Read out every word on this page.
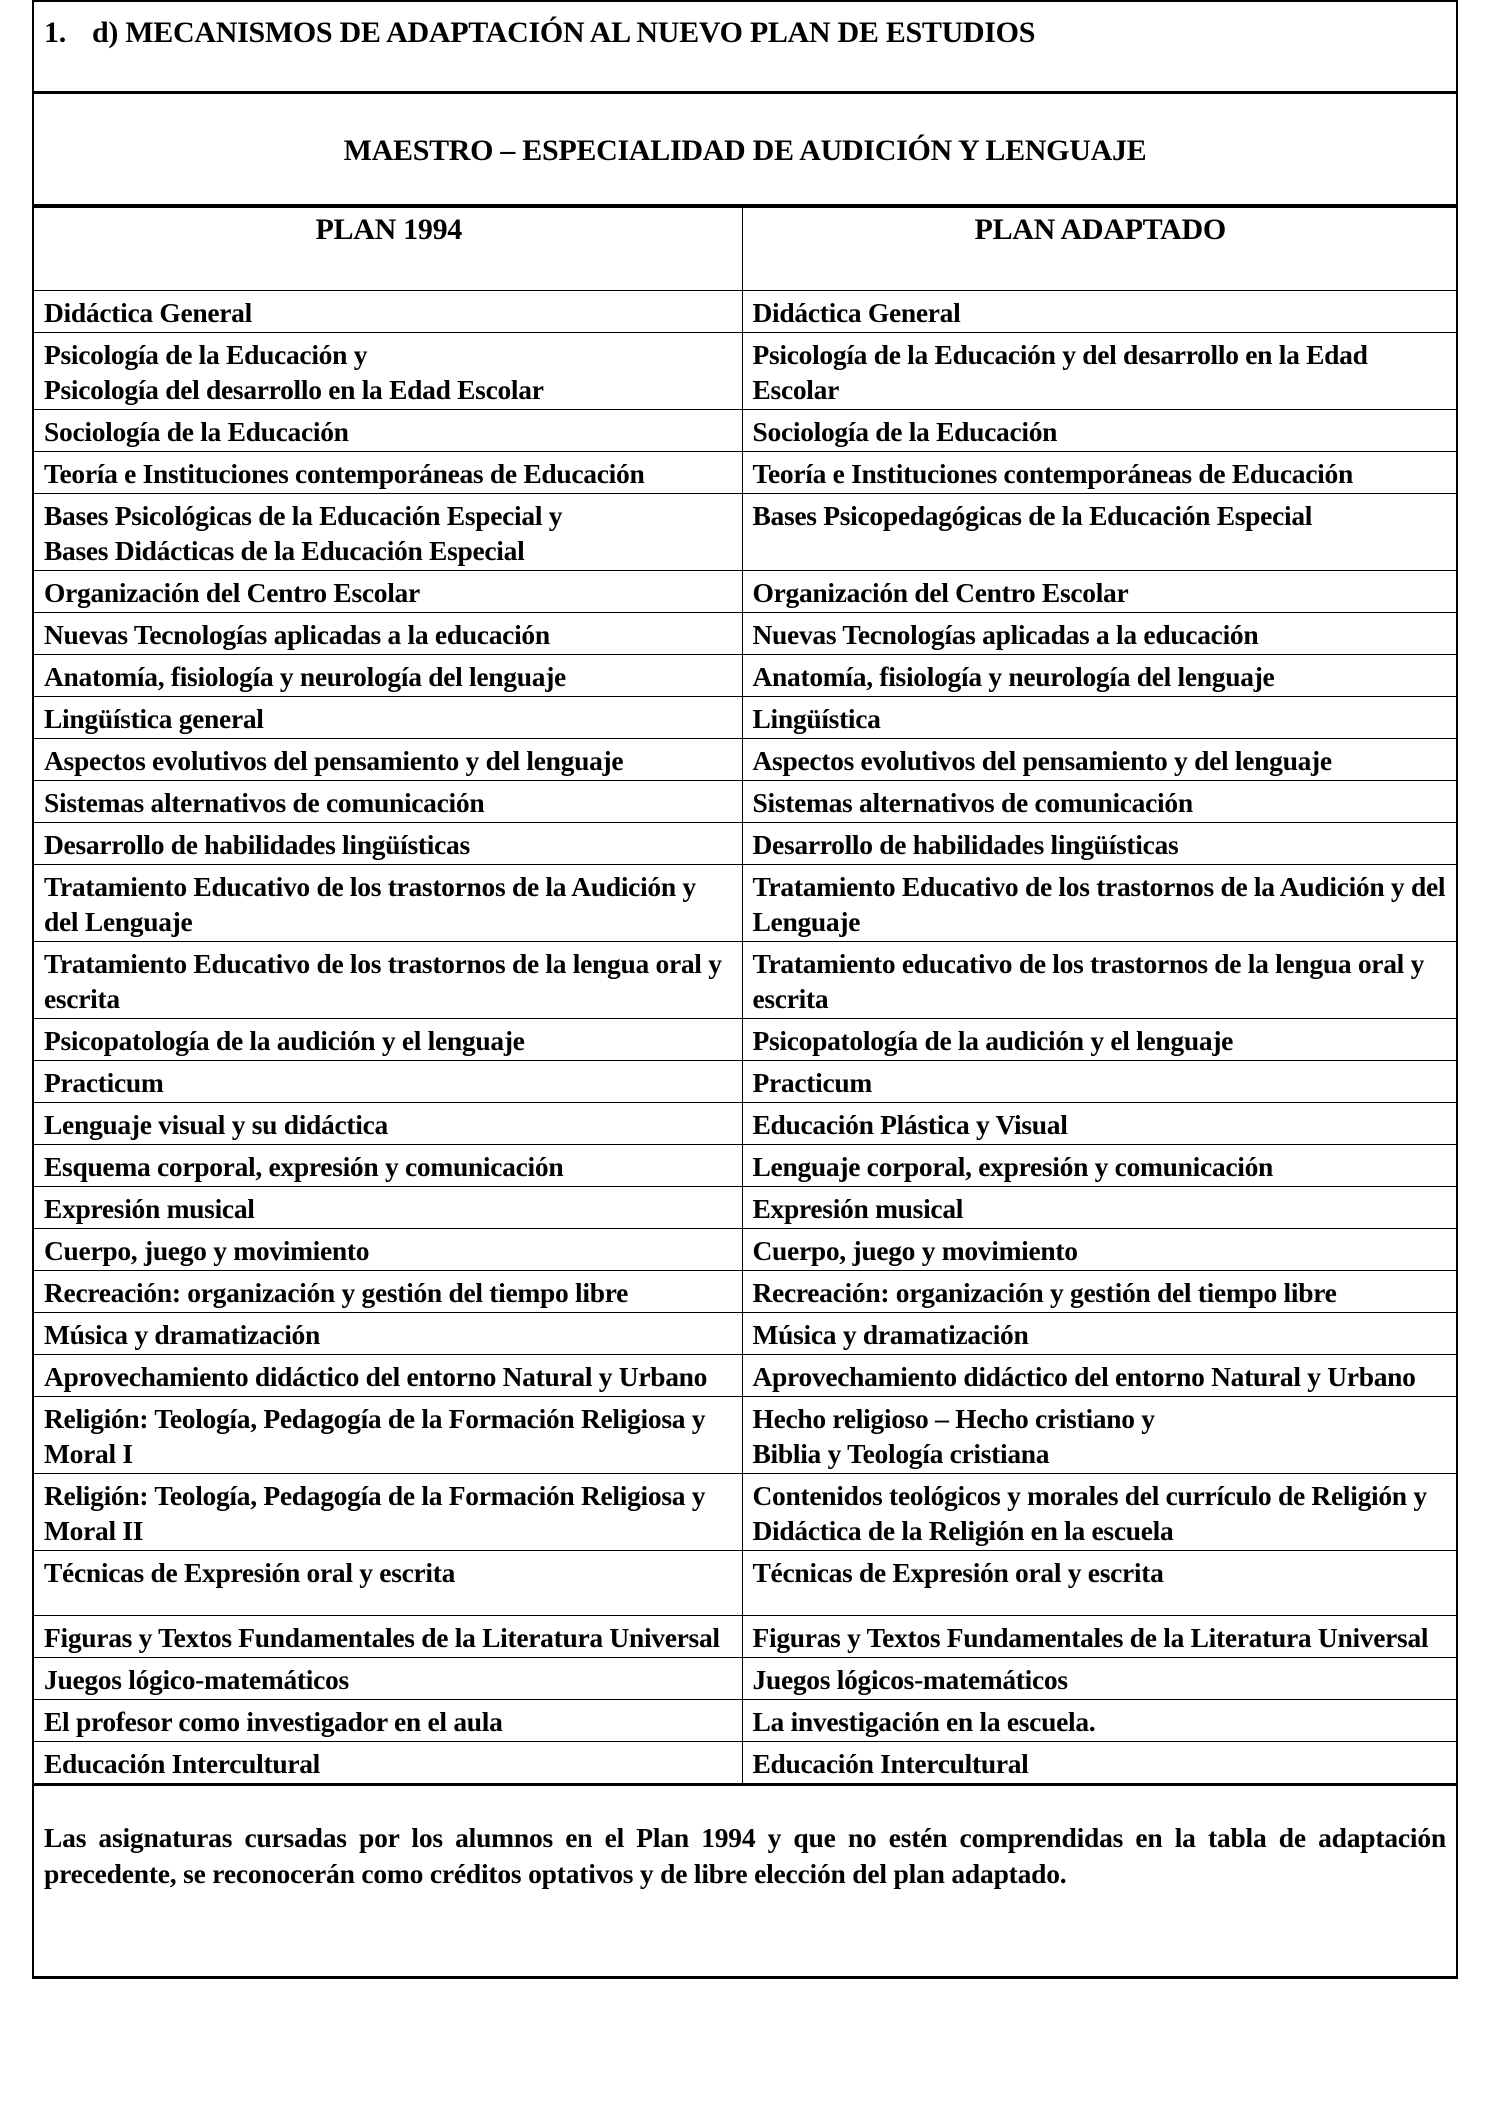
1. d) MECANISMOS DE ADAPTACIÓN AL NUEVO PLAN DE ESTUDIOS
MAESTRO – ESPECIALIDAD DE AUDICIÓN Y LENGUAJE
PLAN 1994	PLAN ADAPTADO

Didáctica General	Didáctica General

Psicología de la Educación y
Psicología del desarrollo en la Edad Escolar	Psicología de la Educación y del desarrollo en la Edad Escolar

Sociología de la Educación	Sociología de la Educación

Teoría e Instituciones contemporáneas de Educación	Teoría e Instituciones contemporáneas de Educación

Bases Psicológicas de la Educación Especial y
Bases Didácticas de la Educación Especial	Bases Psicopedagógicas de la Educación Especial

Organización del Centro Escolar	Organización del Centro Escolar

Nuevas Tecnologías aplicadas a la educación	Nuevas Tecnologías aplicadas a la educación

Anatomía, fisiología y neurología del lenguaje	Anatomía, fisiología y neurología del lenguaje

Lingüística general	Lingüística

Aspectos evolutivos del pensamiento y del lenguaje	Aspectos evolutivos del pensamiento y del lenguaje

Sistemas alternativos de comunicación	Sistemas alternativos de comunicación

Desarrollo de habilidades lingüísticas	Desarrollo de habilidades lingüísticas

Tratamiento Educativo de los trastornos de la Audición y del Lenguaje	Tratamiento Educativo de los trastornos de la Audición y del Lenguaje

Tratamiento Educativo de los trastornos de la lengua oral y escrita	Tratamiento educativo de los trastornos de la lengua oral y escrita

Psicopatología de la audición y el lenguaje	Psicopatología de la audición y el lenguaje

Practicum	Practicum

Lenguaje visual y su didáctica	Educación Plástica y Visual

Esquema corporal, expresión y comunicación	Lenguaje corporal, expresión y comunicación

Expresión musical	Expresión musical

Cuerpo, juego y movimiento	Cuerpo, juego y movimiento

Recreación: organización y gestión del tiempo libre	Recreación: organización y gestión del tiempo libre

Música y dramatización	Música y dramatización

Aprovechamiento didáctico del entorno Natural y Urbano	Aprovechamiento didáctico del entorno Natural y Urbano

Religión: Teología, Pedagogía de la Formación Religiosa y Moral I	Hecho religioso – Hecho cristiano y
Biblia y Teología cristiana

Religión: Teología, Pedagogía de la Formación Religiosa y Moral II	Contenidos teológicos y morales del currículo de Religión y
Didáctica de la Religión en la escuela

Técnicas de Expresión oral y escrita	Técnicas de Expresión oral y escrita

Figuras y Textos Fundamentales de la Literatura Universal	Figuras y Textos Fundamentales de la Literatura Universal

Juegos lógico-matemáticos	Juegos lógicos-matemáticos

El profesor como investigador en el aula	La investigación en la escuela.

Educación Intercultural	Educación Intercultural
Las asignaturas cursadas por los alumnos en el Plan 1994 y que no estén comprendidas en la tabla de adaptación precedente, se reconocerán como créditos optativos y de libre elección del plan adaptado.
